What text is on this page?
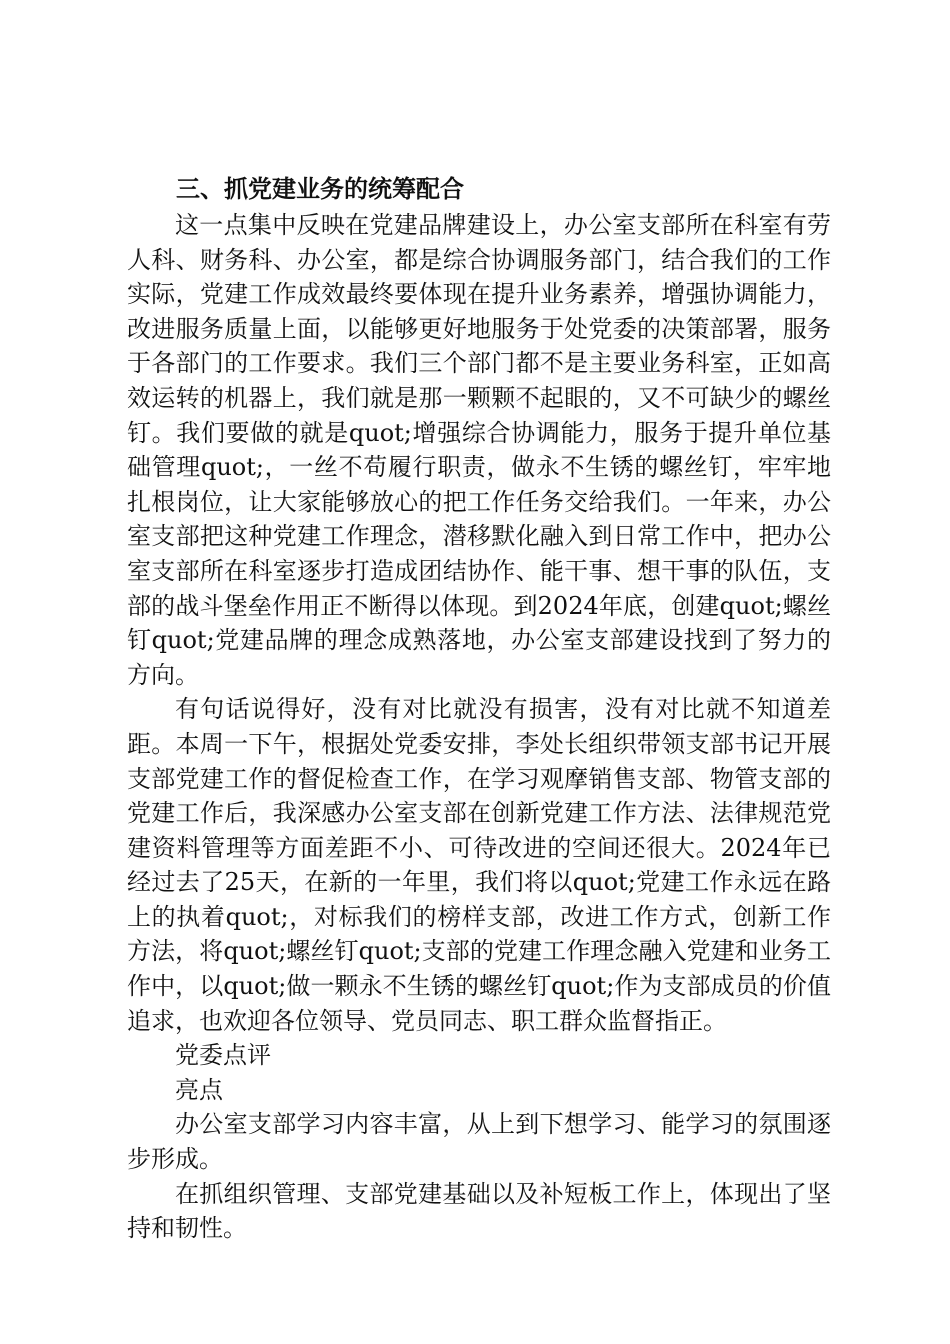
三、抓党建业务的统筹配合

这一点集中反映在党建品牌建设上，办公室支部所在科室有劳人科、财务科、办公室，都是综合协调服务部门，结合我们的工作实际，党建工作成效最终要体现在提升业务素养，增强协调能力，改进服务质量上面，以能够更好地服务于处党委的决策部署，服务于各部门的工作要求。我们三个部门都不是主要业务科室，正如高效运转的机器上，我们就是那一颗颗不起眼的，又不可缺少的螺丝钉。我们要做的就是quot;增强综合协调能力，服务于提升单位基础管理quot;，一丝不苟履行职责，做永不生锈的螺丝钉，牢牢地扎根岗位，让大家能够放心的把工作任务交给我们。一年来，办公室支部把这种党建工作理念，潜移默化融入到日常工作中，把办公室支部所在科室逐步打造成团结协作、能干事、想干事的队伍，支部的战斗堡垒作用正不断得以体现。到2024年底，创建quot;螺丝钉quot;党建品牌的理念成熟落地，办公室支部建设找到了努力的方向。

有句话说得好，没有对比就没有损害，没有对比就不知道差距。本周一下午，根据处党委安排，李处长组织带领支部书记开展支部党建工作的督促检查工作，在学习观摩销售支部、物管支部的党建工作后，我深感办公室支部在创新党建工作方法、法律规范党建资料管理等方面差距不小、可待改进的空间还很大。2024年已经过去了25天，在新的一年里，我们将以quot;党建工作永远在路上的执着quot;，对标我们的榜样支部，改进工作方式，创新工作方法，将quot;螺丝钉quot;支部的党建工作理念融入党建和业务工作中，以quot;做一颗永不生锈的螺丝钉quot;作为支部成员的价值追求，也欢迎各位领导、党员同志、职工群众监督指正。

党委点评

亮点

办公室支部学习内容丰富，从上到下想学习、能学习的氛围逐步形成。

在抓组织管理、支部党建基础以及补短板工作上，体现出了坚持和韧性。
